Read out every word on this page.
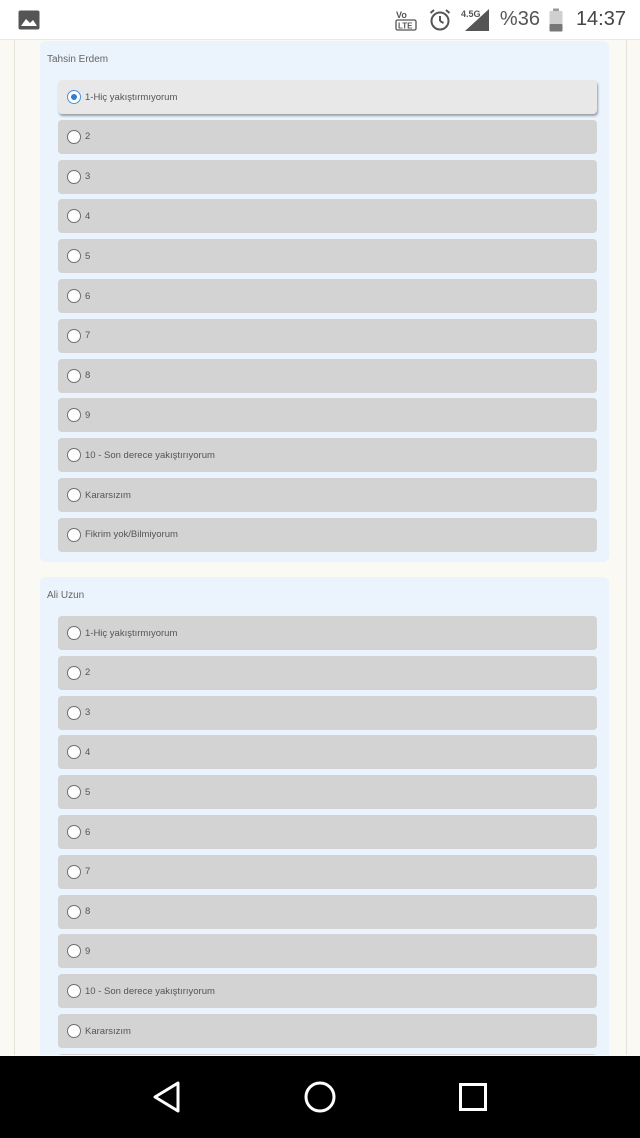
Vo
LTE
4.5G %36 14:37
Tahsin Erdem
1-Hiç yakıştırmıyorum
2
3
4
5
6
7
8
9
10 - Son derece yakıştırıyorum
Kararsızım
Fikrim yok/Bilmiyorum
Ali Uzun
1-Hiç yakıştırmıyorum
2
3
4
5
6
7
8
9
10 - Son derece yakıştırıyorum
Kararsızım
